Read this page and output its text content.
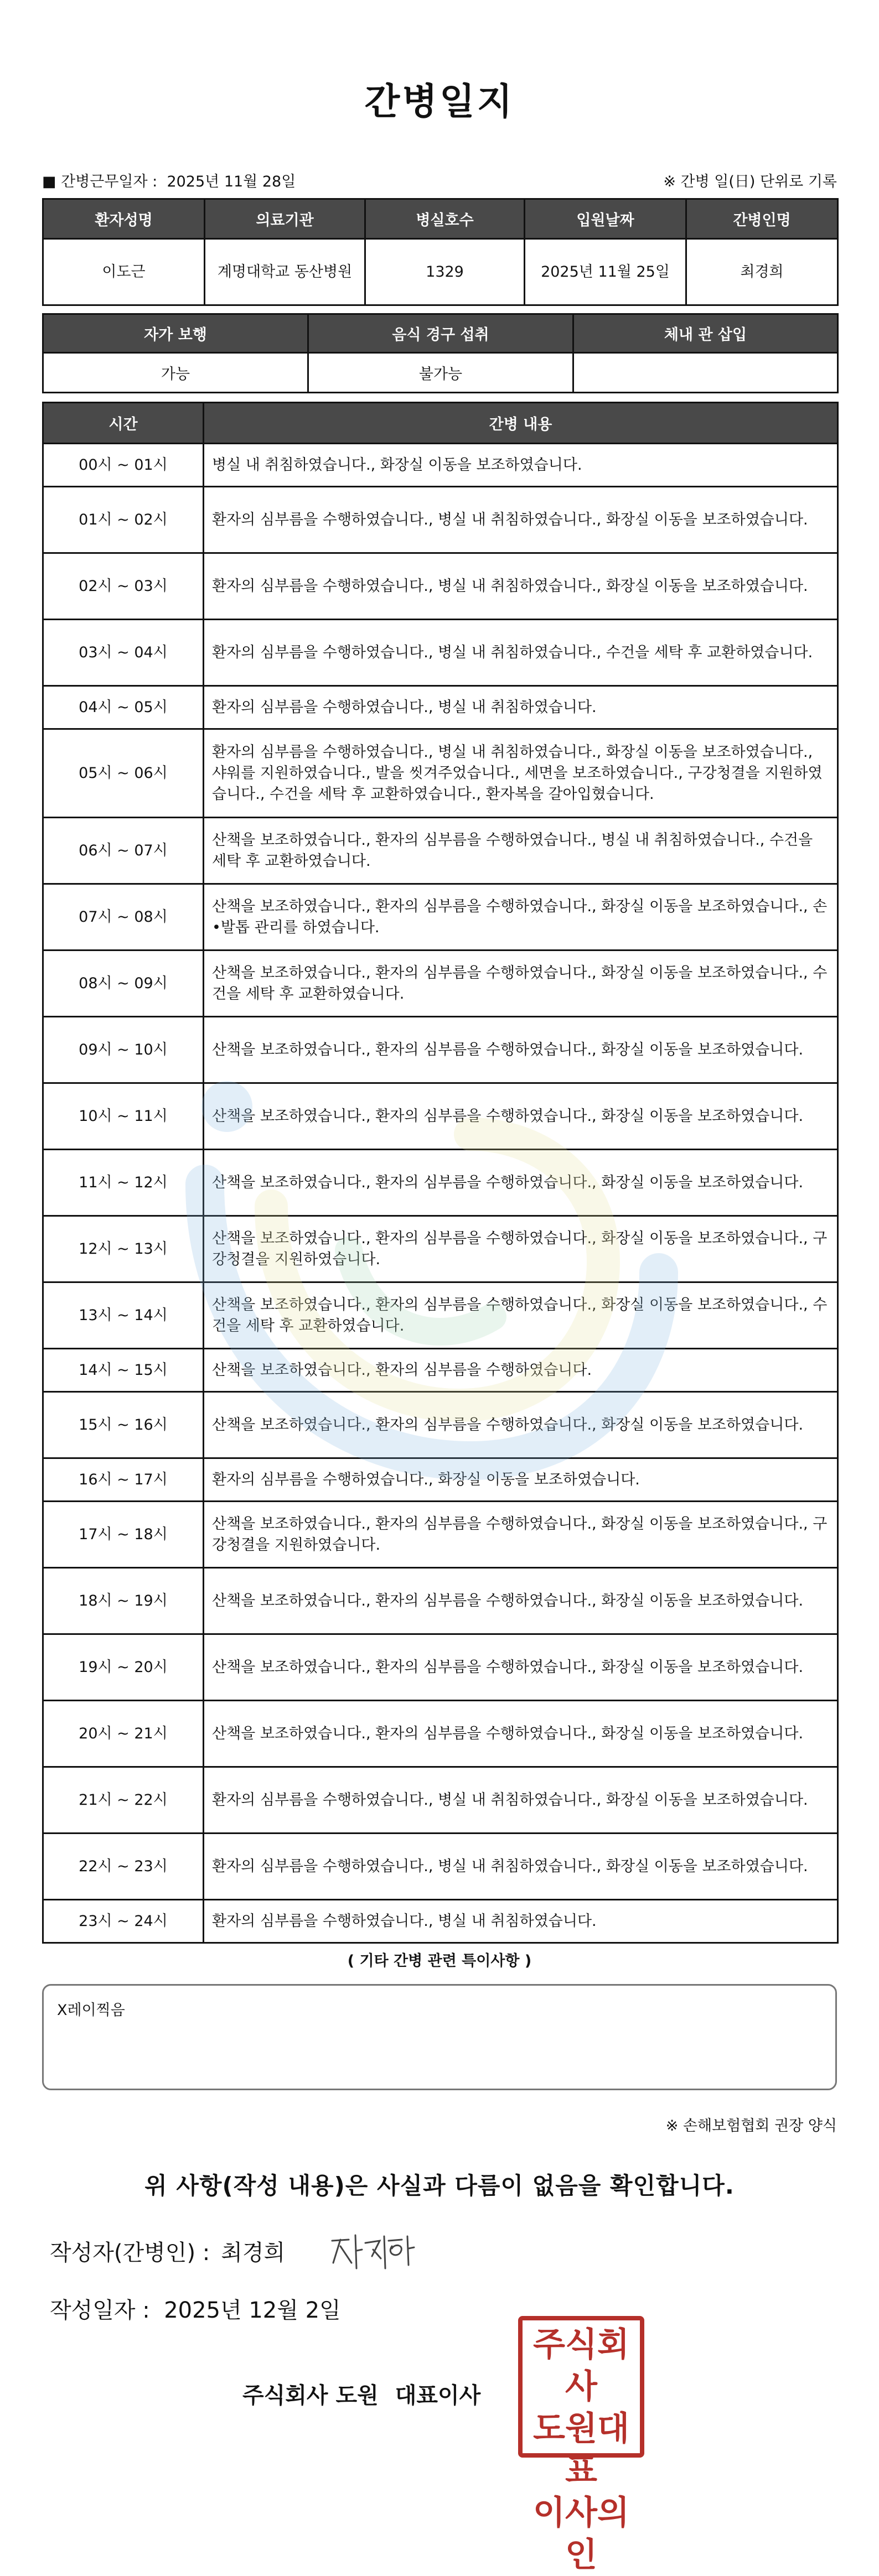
간병일지
■ 간병근무일자 : 2025년 11월 28일	※ 간병 일(日) 단위로 기록
환자성명	의료기관	병실호수	입원날짜	간병인명
이도근	계명대학교 동산병원	1329	2025년 11월 25일	최경희
자가 보행	음식 경구 섭취	체내 관 삽입
가능	불가능	
시간	간병 내용
00시 ~ 01시	병실 내 취침하였습니다., 화장실 이동을 보조하였습니다.
01시 ~ 02시	환자의 심부름을 수행하였습니다., 병실 내 취침하였습니다., 화장실 이동을 보조하였습니다.
02시 ~ 03시	환자의 심부름을 수행하였습니다., 병실 내 취침하였습니다., 화장실 이동을 보조하였습니다.
03시 ~ 04시	환자의 심부름을 수행하였습니다., 병실 내 취침하였습니다., 수건을 세탁 후 교환하였습니다.
04시 ~ 05시	환자의 심부름을 수행하였습니다., 병실 내 취침하였습니다.
05시 ~ 06시	환자의 심부름을 수행하였습니다., 병실 내 취침하였습니다., 화장실 이동을 보조하였습니다., 샤워를 지원하였습니다., 발을 씻겨주었습니다., 세면을 보조하였습니다., 구강청결을 지원하였습니다., 수건을 세탁 후 교환하였습니다., 환자복을 갈아입혔습니다.
06시 ~ 07시	산책을 보조하였습니다., 환자의 심부름을 수행하였습니다., 병실 내 취침하였습니다., 수건을 세탁 후 교환하였습니다.
07시 ~ 08시	산책을 보조하였습니다., 환자의 심부름을 수행하였습니다., 화장실 이동을 보조하였습니다., 손•발톱 관리를 하였습니다.
08시 ~ 09시	산책을 보조하였습니다., 환자의 심부름을 수행하였습니다., 화장실 이동을 보조하였습니다., 수건을 세탁 후 교환하였습니다.
09시 ~ 10시	산책을 보조하였습니다., 환자의 심부름을 수행하였습니다., 화장실 이동을 보조하였습니다.
10시 ~ 11시	산책을 보조하였습니다., 환자의 심부름을 수행하였습니다., 화장실 이동을 보조하였습니다.
11시 ~ 12시	산책을 보조하였습니다., 환자의 심부름을 수행하였습니다., 화장실 이동을 보조하였습니다.
12시 ~ 13시	산책을 보조하였습니다., 환자의 심부름을 수행하였습니다., 화장실 이동을 보조하였습니다., 구강청결을 지원하였습니다.
13시 ~ 14시	산책을 보조하였습니다., 환자의 심부름을 수행하였습니다., 화장실 이동을 보조하였습니다., 수건을 세탁 후 교환하였습니다.
14시 ~ 15시	산책을 보조하였습니다., 환자의 심부름을 수행하였습니다.
15시 ~ 16시	산책을 보조하였습니다., 환자의 심부름을 수행하였습니다., 화장실 이동을 보조하였습니다.
16시 ~ 17시	환자의 심부름을 수행하였습니다., 화장실 이동을 보조하였습니다.
17시 ~ 18시	산책을 보조하였습니다., 환자의 심부름을 수행하였습니다., 화장실 이동을 보조하였습니다., 구강청결을 지원하였습니다.
18시 ~ 19시	산책을 보조하였습니다., 환자의 심부름을 수행하였습니다., 화장실 이동을 보조하였습니다.
19시 ~ 20시	산책을 보조하였습니다., 환자의 심부름을 수행하였습니다., 화장실 이동을 보조하였습니다.
20시 ~ 21시	산책을 보조하였습니다., 환자의 심부름을 수행하였습니다., 화장실 이동을 보조하였습니다.
21시 ~ 22시	환자의 심부름을 수행하였습니다., 병실 내 취침하였습니다., 화장실 이동을 보조하였습니다.
22시 ~ 23시	환자의 심부름을 수행하였습니다., 병실 내 취침하였습니다., 화장실 이동을 보조하였습니다.
23시 ~ 24시	환자의 심부름을 수행하였습니다., 병실 내 취침하였습니다.
( 기타 간병 관련 특이사항 )
X레이찍음
※ 손해보험협회 권장 양식
위 사항(작성 내용)은 사실과 다름이 없음을 확인합니다.
작성자(간병인) : 최경희
작성일자 : 2025년 12월 2일
주식회사 도원 대표이사
주식회사
도원대표
이사의인
